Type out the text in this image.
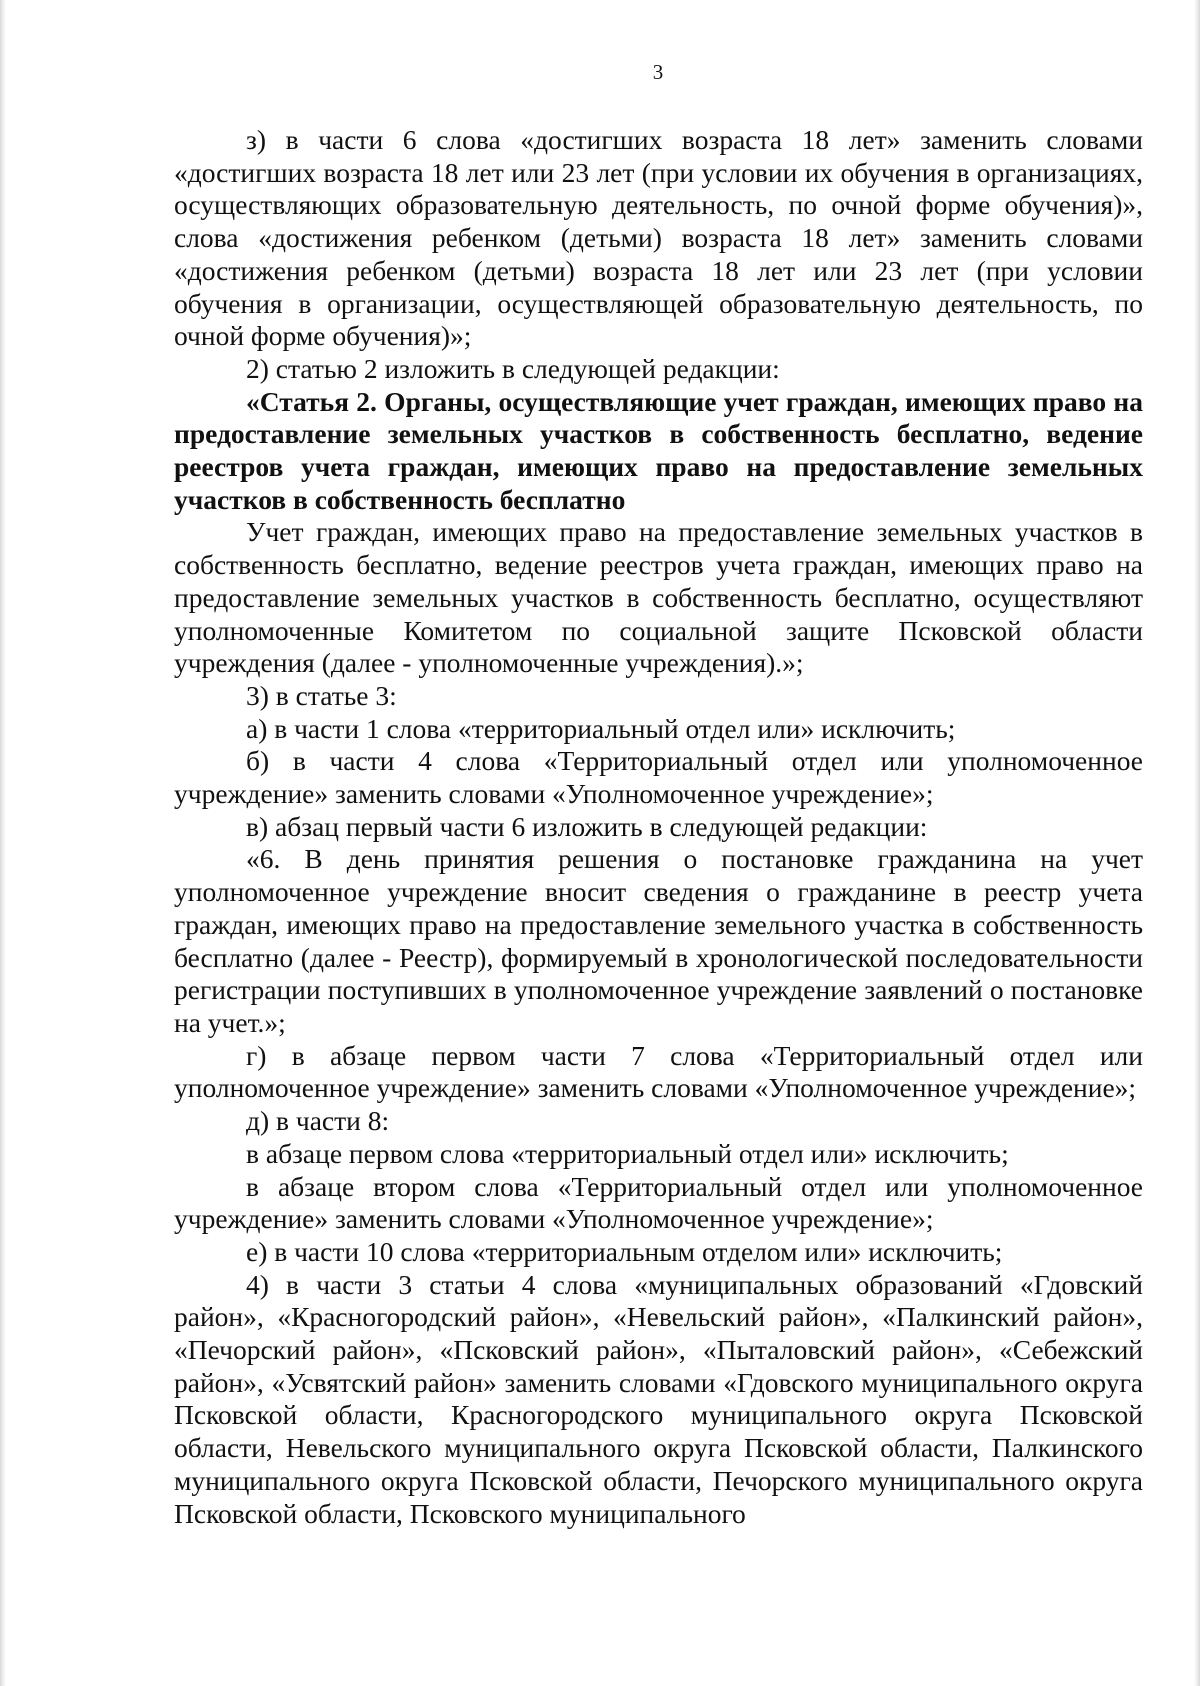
3

з) в части 6 слова «достигших возраста 18 лет» заменить словами «достигших возраста 18 лет или 23 лет (при условии их обучения в организациях, осуществляющих образовательную деятельность, по очной форме обучения)», слова «достижения ребенком (детьми) возраста 18 лет» заменить словами «достижения ребенком (детьми) возраста 18 лет или 23 лет (при условии обучения в организации, осуществляющей образовательную деятельность, по очной форме обучения)»;

2) статью 2 изложить в следующей редакции:

«Статья 2. Органы, осуществляющие учет граждан, имеющих право на предоставление земельных участков в собственность бесплатно, ведение реестров учета граждан, имеющих право на предоставление земельных участков в собственность бесплатно

Учет граждан, имеющих право на предоставление земельных участков в собственность бесплатно, ведение реестров учета граждан, имеющих право на предоставление земельных участков в собственность бесплатно, осуществляют уполномоченные Комитетом по социальной защите Псковской области учреждения (далее - уполномоченные учреждения).»;

3) в статье 3:

а) в части 1 слова «территориальный отдел или» исключить;

б) в части 4 слова «Территориальный отдел или уполномоченное учреждение» заменить словами «Уполномоченное учреждение»;

в) абзац первый части 6 изложить в следующей редакции:

«6. В день принятия решения о постановке гражданина на учет уполномоченное учреждение вносит сведения о гражданине в реестр учета граждан, имеющих право на предоставление земельного участка в собственность бесплатно (далее - Реестр), формируемый в хронологической последовательности регистрации поступивших в уполномоченное учреждение заявлений о постановке на учет.»;

г) в абзаце первом части 7 слова «Территориальный отдел или уполномоченное учреждение» заменить словами «Уполномоченное учреждение»;

д) в части 8:

в абзаце первом слова «территориальный отдел или» исключить;

в абзаце втором слова «Территориальный отдел или уполномоченное учреждение» заменить словами «Уполномоченное учреждение»;

е) в части 10 слова «территориальным отделом или» исключить;

4) в части 3 статьи 4 слова «муниципальных образований «Гдовский район», «Красногородский район», «Невельский район», «Палкинский район», «Печорский район», «Псковский район», «Пыталовский район», «Себежский район», «Усвятский район» заменить словами «Гдовского муниципального округа Псковской области, Красногородского муниципального округа Псковской области, Невельского муниципального округа Псковской области, Палкинского муниципального округа Псковской области, Печорского муниципального округа Псковской области, Псковского муниципального
